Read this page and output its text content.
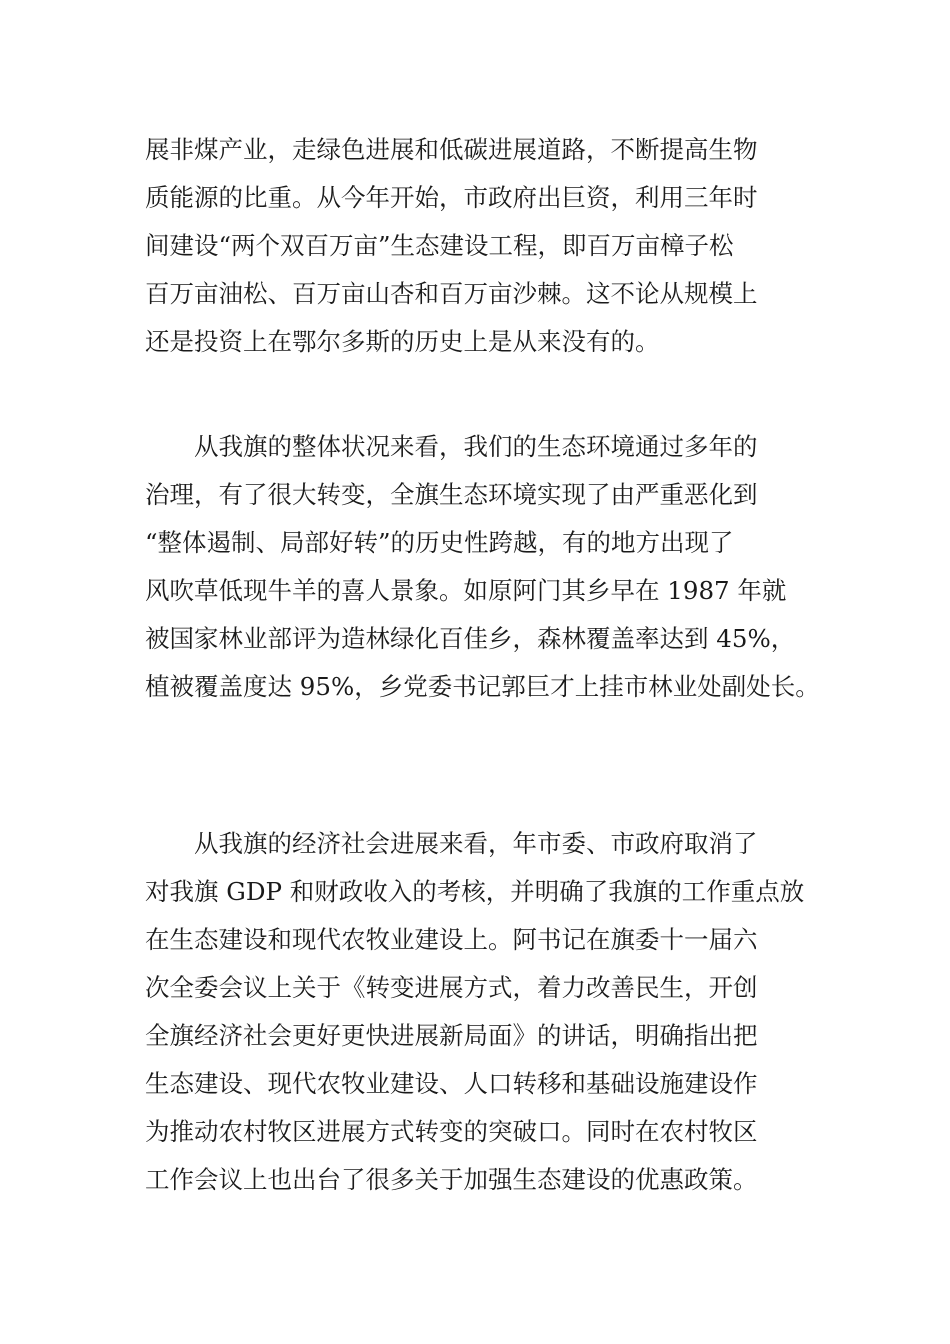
展非煤产业，走绿色进展和低碳进展道路，不断提高生物
质能源的比重。从今年开始，市政府出巨资，利用三年时
间建设“两个双百万亩”生态建设工程，即百万亩樟子松
百万亩油松、百万亩山杏和百万亩沙棘。这不论从规模上
还是投资上在鄂尔多斯的历史上是从来没有的。

　　从我旗的整体状况来看，我们的生态环境通过多年的
治理，有了很大转变，全旗生态环境实现了由严重恶化到
“整体遏制、局部好转”的历史性跨越，有的地方出现了
风吹草低现牛羊的喜人景象。如原阿门其乡早在 1987 年就
被国家林业部评为造林绿化百佳乡，森林覆盖率达到 45%，
植被覆盖度达 95%，乡党委书记郭巨才上挂市林业处副处长。

　　从我旗的经济社会进展来看，年市委、市政府取消了
对我旗 GDP 和财政收入的考核，并明确了我旗的工作重点放
在生态建设和现代农牧业建设上。阿书记在旗委十一届六
次全委会议上关于《转变进展方式，着力改善民生，开创
全旗经济社会更好更快进展新局面》的讲话，明确指出把
生态建设、现代农牧业建设、人口转移和基础设施建设作
为推动农村牧区进展方式转变的突破口。同时在农村牧区
工作会议上也出台了很多关于加强生态建设的优惠政策。
